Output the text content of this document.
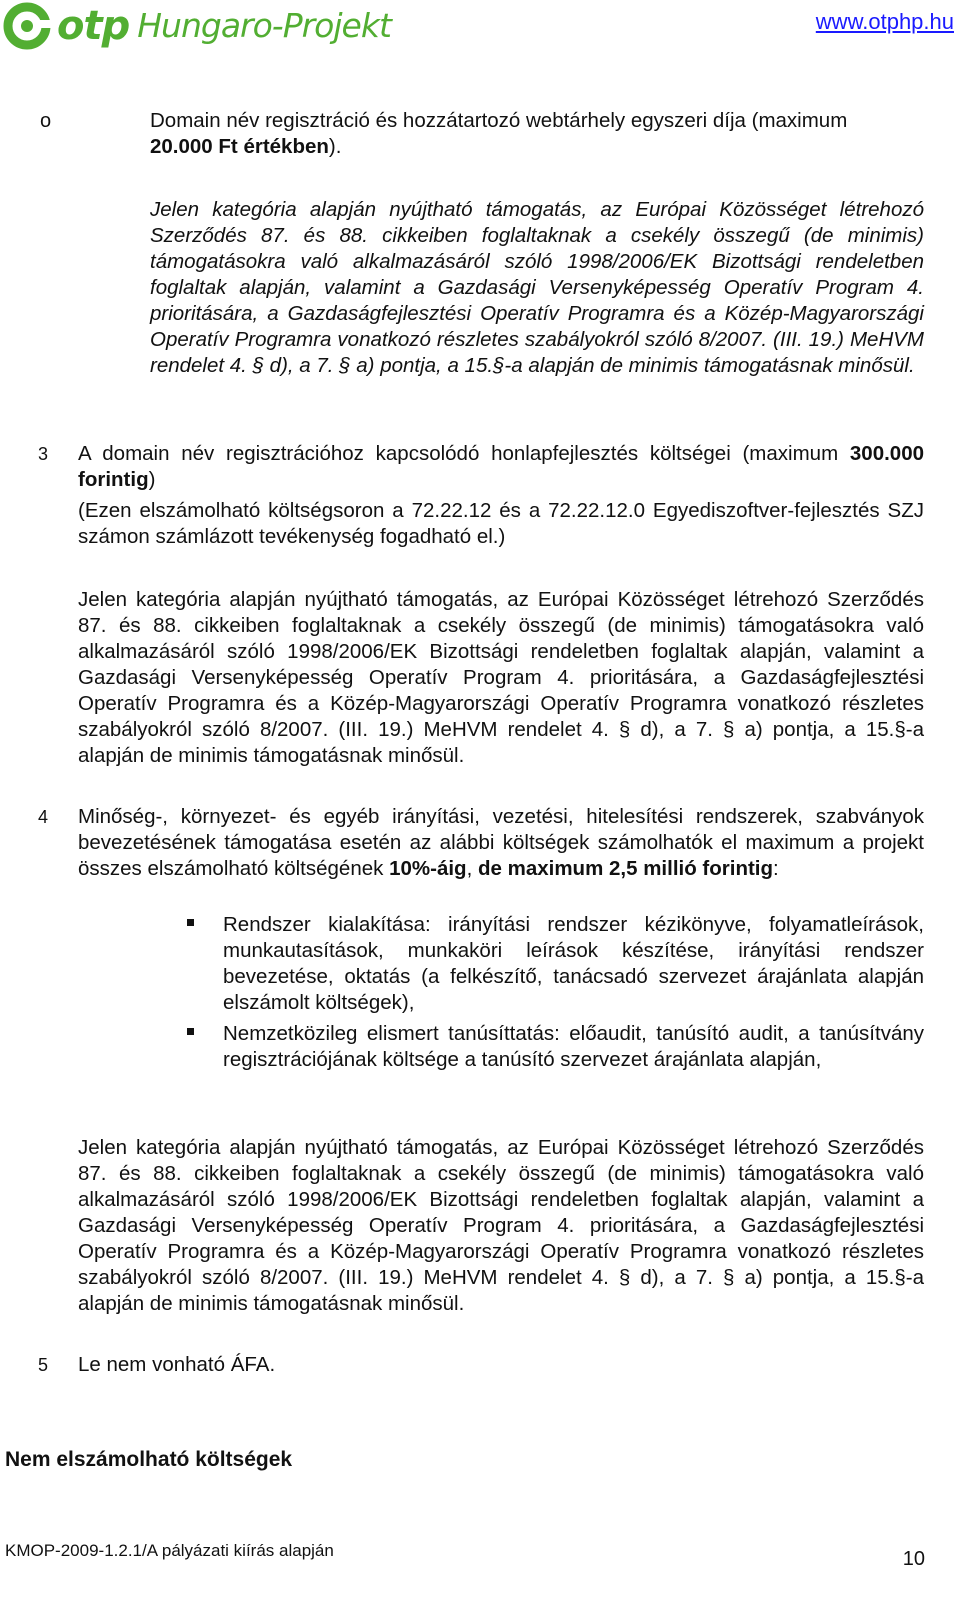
otp Hungaro-Projekt	www.otphp.hu
o	Domain név regisztráció és hozzátartozó webtárhely egyszeri díja (maximum
20.000 Ft értékben).

Jelen kategória alapján nyújtható támogatás, az Európai Közösséget létrehozó Szerződés 87. és 88. cikkeiben foglaltaknak a csekély összegű (de minimis) támogatásokra való alkalmazásáról szóló 1998/2006/EK Bizottsági rendeletben foglaltak alapján, valamint a Gazdasági Versenyképesség Operatív Program 4. prioritására, a Gazdaságfejlesztési Operatív Programra és a Közép-Magyarországi Operatív Programra vonatkozó részletes szabályokról szóló 8/2007. (III. 19.) MeHVM rendelet 4. § d), a 7. § a) pontja, a 15.§-a alapján de minimis támogatásnak minősül.

3 A domain név regisztrációhoz kapcsolódó honlapfejlesztés költségei (maximum 300.000 forintig)

(Ezen elszámolható költségsoron a 72.22.12 és a 72.22.12.0 Egyediszoftver-fejlesztés SZJ számon számlázott tevékenység fogadható el.)

Jelen kategória alapján nyújtható támogatás, az Európai Közösséget létrehozó Szerződés 87. és 88. cikkeiben foglaltaknak a csekély összegű (de minimis) támogatásokra való alkalmazásáról szóló 1998/2006/EK Bizottsági rendeletben foglaltak alapján, valamint a Gazdasági Versenyképesség Operatív Program 4. prioritására, a Gazdaságfejlesztési Operatív Programra és a Közép-Magyarországi Operatív Programra vonatkozó részletes szabályokról szóló 8/2007. (III. 19.) MeHVM rendelet 4. § d), a 7. § a) pontja, a 15.§-a alapján de minimis támogatásnak minősül.

4 Minőség-, környezet- és egyéb irányítási, vezetési, hitelesítési rendszerek, szabványok bevezetésének támogatása esetén az alábbi költségek számolhatók el maximum a projekt összes elszámolható költségének 10%-áig, de maximum 2,5 millió forintig:

Rendszer kialakítása: irányítási rendszer kézikönyve, folyamatleírások, munkautasítások, munkaköri leírások készítése, irányítási rendszer bevezetése, oktatás (a felkészítő, tanácsadó szervezet árajánlata alapján elszámolt költségek),

Nemzetközileg elismert tanúsíttatás: előaudit, tanúsító audit, a tanúsítvány regisztrációjának költsége a tanúsító szervezet árajánlata alapján,

Jelen kategória alapján nyújtható támogatás, az Európai Közösséget létrehozó Szerződés 87. és 88. cikkeiben foglaltaknak a csekély összegű (de minimis) támogatásokra való alkalmazásáról szóló 1998/2006/EK Bizottsági rendeletben foglaltak alapján, valamint a Gazdasági Versenyképesség Operatív Program 4. prioritására, a Gazdaságfejlesztési Operatív Programra és a Közép-Magyarországi Operatív Programra vonatkozó részletes szabályokról szóló 8/2007. (III. 19.) MeHVM rendelet 4. § d), a 7. § a) pontja, a 15.§-a alapján de minimis támogatásnak minősül.

5 Le nem vonható ÁFA.

Nem elszámolható költségek
KMOP-2009-1.2.1/A pályázati kiírás alapján	10
